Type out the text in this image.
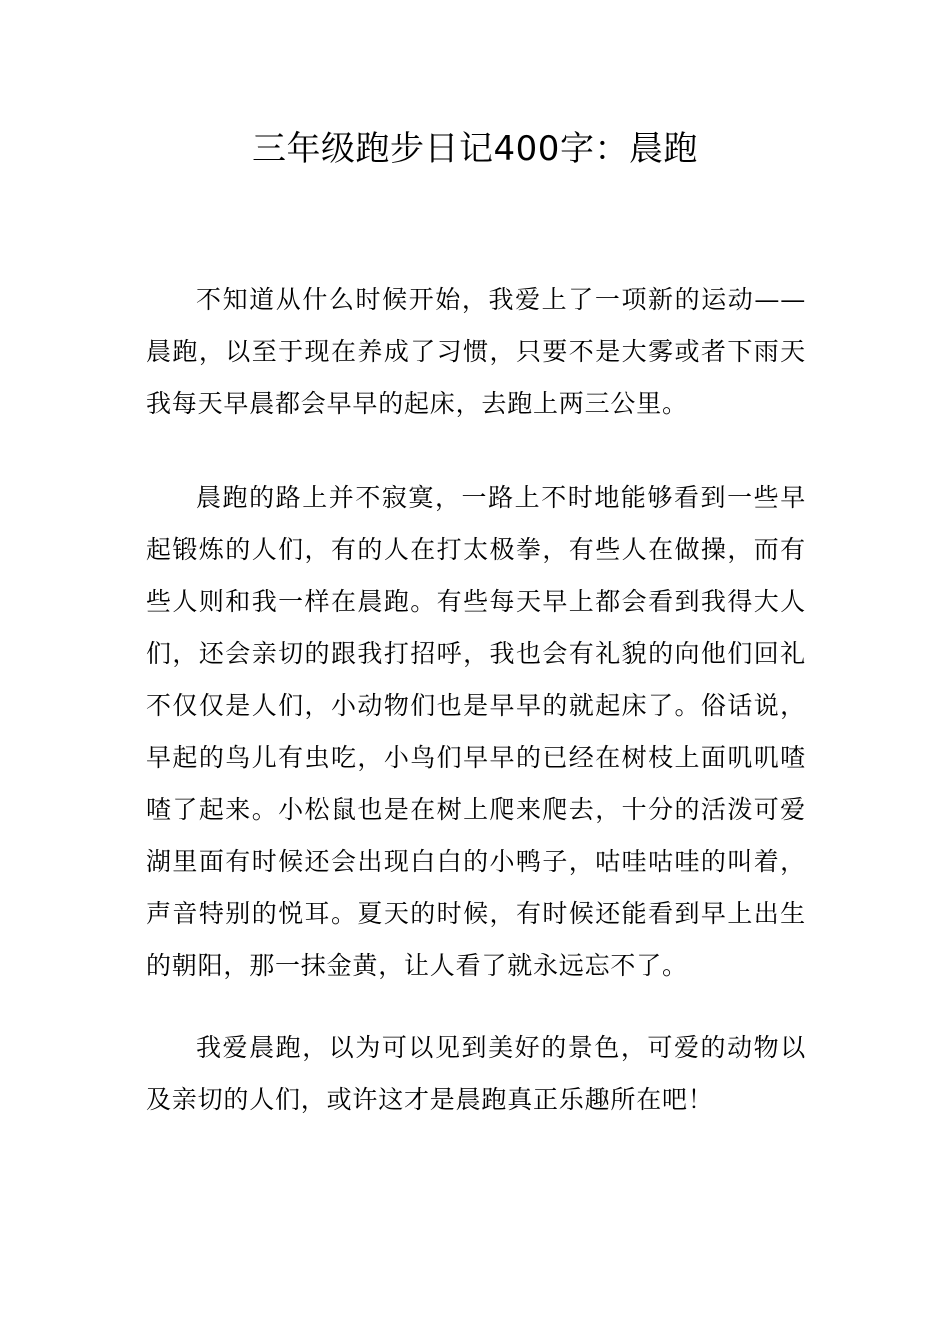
三年级跑步日记400字：晨跑

不知道从什么时候开始，我爱上了一项新的运动——晨跑，以至于现在养成了习惯，只要不是大雾或者下雨天我每天早晨都会早早的起床，去跑上两三公里。

晨跑的路上并不寂寞，一路上不时地能够看到一些早起锻炼的人们，有的人在打太极拳，有些人在做操，而有些人则和我一样在晨跑。有些每天早上都会看到我得大人们，还会亲切的跟我打招呼，我也会有礼貌的向他们回礼不仅仅是人们，小动物们也是早早的就起床了。俗话说，早起的鸟儿有虫吃，小鸟们早早的已经在树枝上面叽叽喳喳了起来。小松鼠也是在树上爬来爬去，十分的活泼可爱湖里面有时候还会出现白白的小鸭子，咕哇咕哇的叫着，声音特别的悦耳。夏天的时候，有时候还能看到早上出生的朝阳，那一抹金黄，让人看了就永远忘不了。

我爱晨跑，以为可以见到美好的景色，可爱的动物以及亲切的人们，或许这才是晨跑真正乐趣所在吧！
